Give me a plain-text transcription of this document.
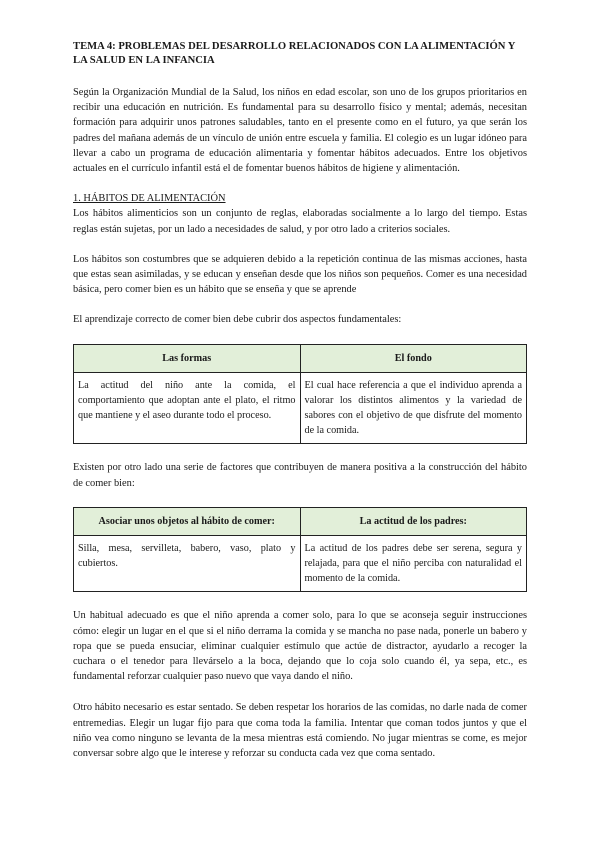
TEMA 4: PROBLEMAS DEL DESARROLLO RELACIONADOS CON LA ALIMENTACIÓN Y LA SALUD EN LA INFANCIA

Según la Organización Mundial de la Salud, los niños en edad escolar, son uno de los grupos prioritarios en recibir una educación en nutrición. Es fundamental para su desarrollo físico y mental; además, necesitan formación para adquirir unos patrones saludables, tanto en el presente como en el futuro, ya que serán los padres del mañana además de un vínculo de unión entre escuela y familia. El colegio es un lugar idóneo para llevar a cabo un programa de educación alimentaria y fomentar hábitos adecuados. Entre los objetivos actuales en el currículo infantil está el de fomentar buenos hábitos de higiene y alimentación.

1. HÁBITOS DE ALIMENTACIÓN

Los hábitos alimenticios son un conjunto de reglas, elaboradas socialmente a lo largo del tiempo. Estas reglas están sujetas, por un lado a necesidades de salud, y por otro lado a criterios sociales.

Los hábitos son costumbres que se adquieren debido a la repetición continua de las mismas acciones, hasta que estas sean asimiladas, y se educan y enseñan desde que los niños son pequeños. Comer es una necesidad básica, pero comer bien es un hábito que se enseña y que se aprende

El aprendizaje correcto de comer bien debe cubrir dos aspectos fundamentales:

Las formas	El fondo
La actitud del niño ante la comida, el comportamiento que adoptan ante el plato, el ritmo que mantiene y el aseo durante todo el proceso.	El cual hace referencia a que el individuo aprenda a valorar los distintos alimentos y la variedad de sabores con el objetivo de que disfrute del momento de la comida.

Existen por otro lado una serie de factores que contribuyen de manera positiva a la construcción del hábito de comer bien:

Asociar unos objetos al hábito de comer:	La actitud de los padres:
Silla, mesa, servilleta, babero, vaso, plato y cubiertos.	La actitud de los padres debe ser serena, segura y relajada, para que el niño perciba con naturalidad el momento de la comida.

Un habitual adecuado es que el niño aprenda a comer solo, para lo que se aconseja seguir instrucciones cómo: elegir un lugar en el que si el niño derrama la comida y se mancha no pase nada, ponerle un babero y ropa que se pueda ensuciar, eliminar cualquier estímulo que actúe de distractor, ayudarlo a recoger la cuchara o el tenedor para llevárselo a la boca, dejando que lo coja solo cuando él, ya sepa, etc., es fundamental reforzar cualquier paso nuevo que vaya dando el niño.

Otro hábito necesario es estar sentado. Se deben respetar los horarios de las comidas, no darle nada de comer entremedias. Elegir un lugar fijo para que coma toda la familia. Intentar que coman todos juntos y que el niño vea como ninguno se levanta de la mesa mientras está comiendo. No jugar mientras se come, es mejor conversar sobre algo que le interese y reforzar su conducta cada vez que coma sentado.
